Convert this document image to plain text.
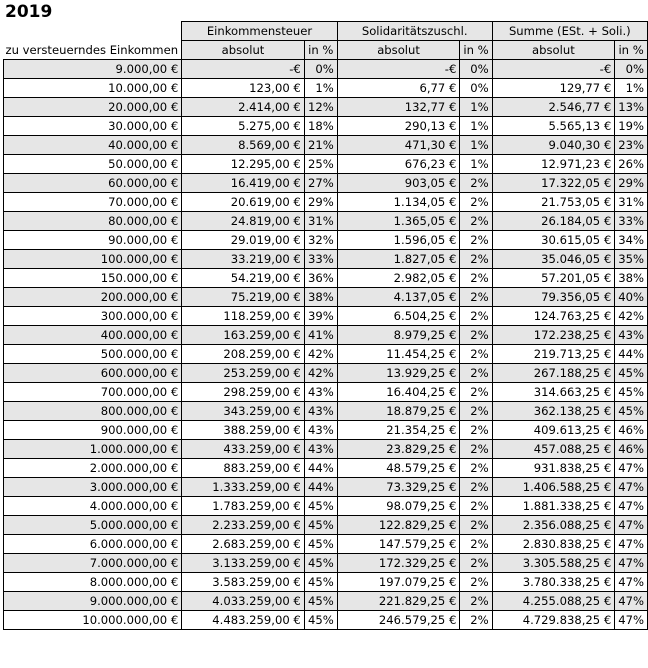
2019
	Einkommensteuer		Solidaritätszuschl.		Summe (ESt. + Soli.)	
zu versteuerndes Einkommen	absolut	in %	absolut	in %	absolut	in %
9.000,00 €	- €	0%	- €	0%	- €	0%
10.000,00 €	123,00 €	1%	6,77 €	0%	129,77 €	1%
20.000,00 €	2.414,00 €	12%	132,77 €	1%	2.546,77 €	13%
30.000,00 €	5.275,00 €	18%	290,13 €	1%	5.565,13 €	19%
40.000,00 €	8.569,00 €	21%	471,30 €	1%	9.040,30 €	23%
50.000,00 €	12.295,00 €	25%	676,23 €	1%	12.971,23 €	26%
60.000,00 €	16.419,00 €	27%	903,05 €	2%	17.322,05 €	29%
70.000,00 €	20.619,00 €	29%	1.134,05 €	2%	21.753,05 €	31%
80.000,00 €	24.819,00 €	31%	1.365,05 €	2%	26.184,05 €	33%
90.000,00 €	29.019,00 €	32%	1.596,05 €	2%	30.615,05 €	34%
100.000,00 €	33.219,00 €	33%	1.827,05 €	2%	35.046,05 €	35%
150.000,00 €	54.219,00 €	36%	2.982,05 €	2%	57.201,05 €	38%
200.000,00 €	75.219,00 €	38%	4.137,05 €	2%	79.356,05 €	40%
300.000,00 €	118.259,00 €	39%	6.504,25 €	2%	124.763,25 €	42%
400.000,00 €	163.259,00 €	41%	8.979,25 €	2%	172.238,25 €	43%
500.000,00 €	208.259,00 €	42%	11.454,25 €	2%	219.713,25 €	44%
600.000,00 €	253.259,00 €	42%	13.929,25 €	2%	267.188,25 €	45%
700.000,00 €	298.259,00 €	43%	16.404,25 €	2%	314.663,25 €	45%
800.000,00 €	343.259,00 €	43%	18.879,25 €	2%	362.138,25 €	45%
900.000,00 €	388.259,00 €	43%	21.354,25 €	2%	409.613,25 €	46%
1.000.000,00 €	433.259,00 €	43%	23.829,25 €	2%	457.088,25 €	46%
2.000.000,00 €	883.259,00 €	44%	48.579,25 €	2%	931.838,25 €	47%
3.000.000,00 €	1.333.259,00 €	44%	73.329,25 €	2%	1.406.588,25 €	47%
4.000.000,00 €	1.783.259,00 €	45%	98.079,25 €	2%	1.881.338,25 €	47%
5.000.000,00 €	2.233.259,00 €	45%	122.829,25 €	2%	2.356.088,25 €	47%
6.000.000,00 €	2.683.259,00 €	45%	147.579,25 €	2%	2.830.838,25 €	47%
7.000.000,00 €	3.133.259,00 €	45%	172.329,25 €	2%	3.305.588,25 €	47%
8.000.000,00 €	3.583.259,00 €	45%	197.079,25 €	2%	3.780.338,25 €	47%
9.000.000,00 €	4.033.259,00 €	45%	221.829,25 €	2%	4.255.088,25 €	47%
10.000.000,00 €	4.483.259,00 €	45%	246.579,25 €	2%	4.729.838,25 €	47%
